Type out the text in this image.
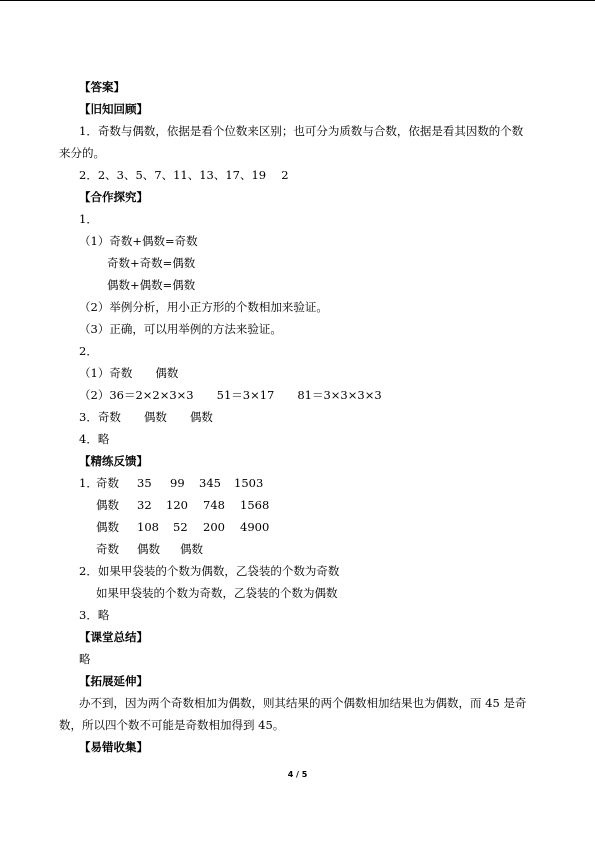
【答案】
【旧知回顾】
1．奇数与偶数，依据是看个位数来区别；也可分为质数与合数，依据是看其因数的个数
来分的。
2．2、3、5、7、11、13、17、19　 2
【合作探究】
1．
（1）奇数+偶数=奇数
奇数+奇数=偶数
偶数+偶数=偶数
（2）举例分析，用小正方形的个数相加来验证。
（3）正确，可以用举例的方法来验证。
2．
（1）奇数　　偶数
（2）36＝2×2×3×3　　51＝3×17　　81＝3×3×3×3
3．奇数　　偶数　　偶数
4．略
【精练反馈】
1．
奇数 35 99 345 1503
偶数 32 120 748 1568
偶数 108 52 200 4900
奇数 偶数 偶数
2．如果甲袋装的个数为偶数，乙袋装的个数为奇数
如果甲袋装的个数为奇数，乙袋装的个数为偶数
3．略
【课堂总结】
略
【拓展延伸】
办不到，因为两个奇数相加为偶数，则其结果的两个偶数相加结果也为偶数，而 45 是奇
数，所以四个数不可能是奇数相加得到 45。
【易错收集】
4 / 5
